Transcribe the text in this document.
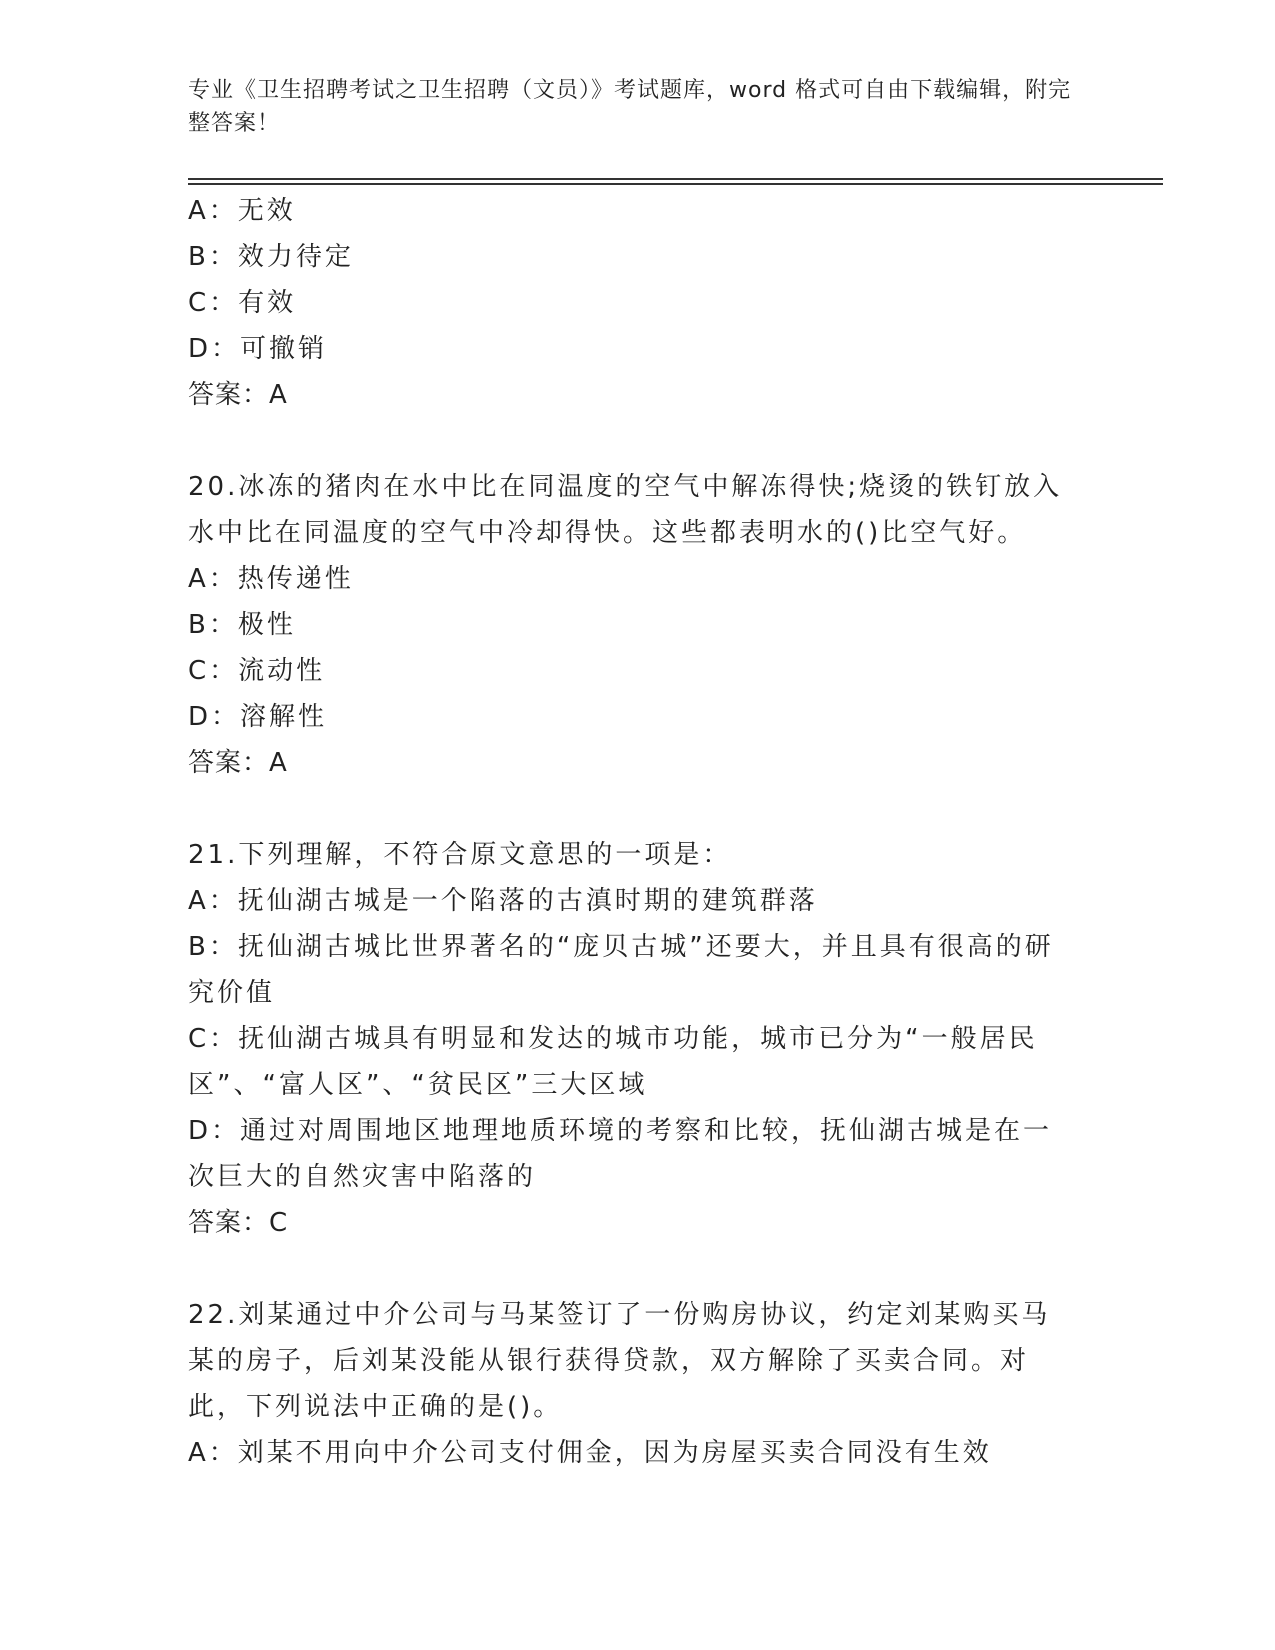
专业《卫生招聘考试之卫生招聘（文员）》考试题库，word 格式可自由下载编辑，附完整答案！
A：无效
B：效力待定
C：有效
D：可撤销
答案：A
20.冰冻的猪肉在水中比在同温度的空气中解冻得快;烧烫的铁钉放入水中比在同温度的空气中冷却得快。这些都表明水的()比空气好。
A：热传递性
B：极性
C：流动性
D：溶解性
答案：A
21.下列理解，不符合原文意思的一项是：
A：抚仙湖古城是一个陷落的古滇时期的建筑群落
B：抚仙湖古城比世界著名的“庞贝古城”还要大，并且具有很高的研究价值
C：抚仙湖古城具有明显和发达的城市功能，城市已分为“一般居民区”、“富人区”、“贫民区”三大区域
D：通过对周围地区地理地质环境的考察和比较，抚仙湖古城是在一次巨大的自然灾害中陷落的
答案：C
22.刘某通过中介公司与马某签订了一份购房协议，约定刘某购买马某的房子，后刘某没能从银行获得贷款，双方解除了买卖合同。对此，下列说法中正确的是()。
A：刘某不用向中介公司支付佣金，因为房屋买卖合同没有生效
